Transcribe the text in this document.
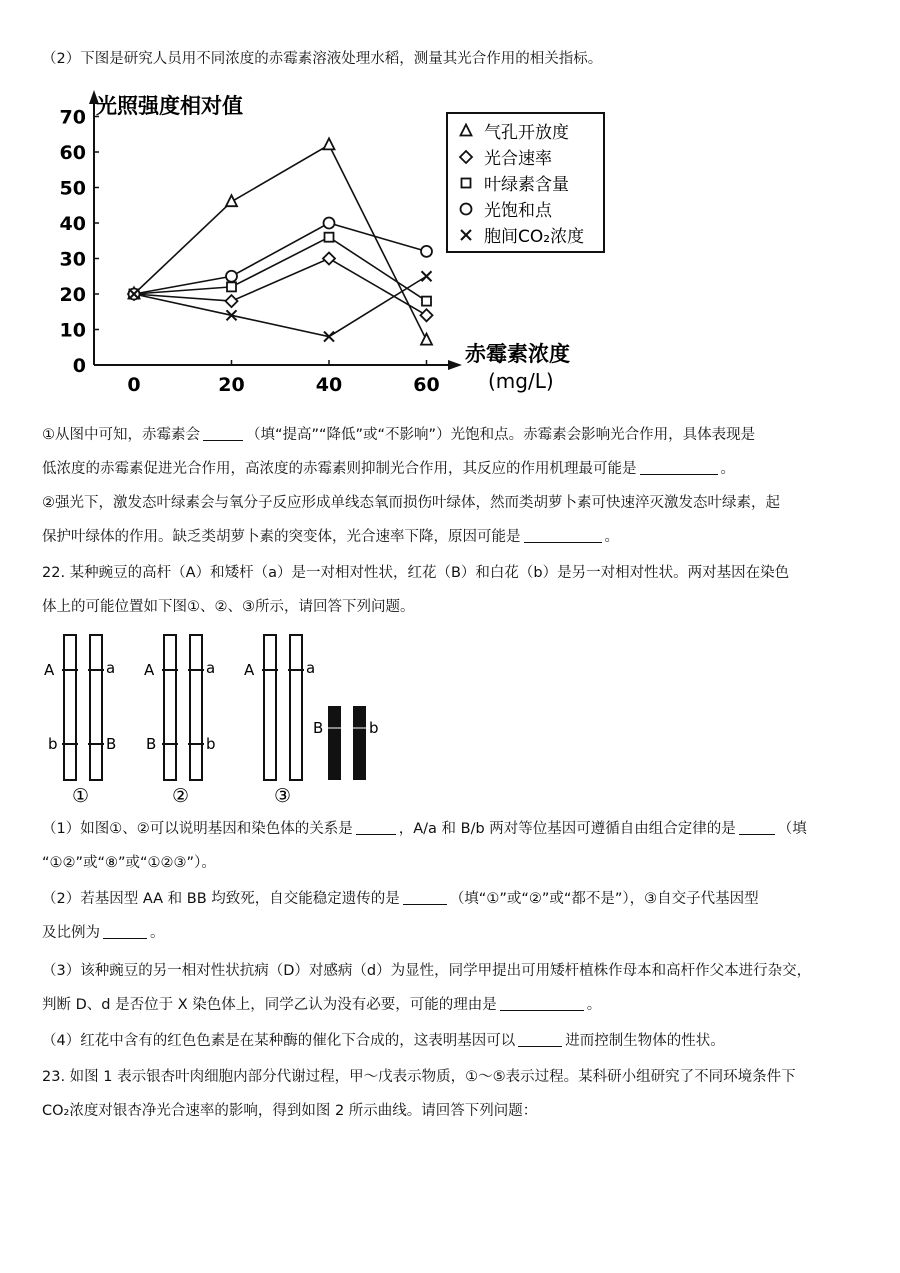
（2）下图是研究人员用不同浓度的赤霉素溶液处理水稻，测量其光合作用的相关指标。

光照强度相对值
赤霉素浓度
(mg/L)
0
10
20
30
40
50
60
70
0	20	40	60
气孔开放度
光合速率
叶绿素含量
光饱和点
胞间CO₂浓度

①从图中可知，赤霉素会	（填“提高”“降低”或“不影响”）光饱和点。赤霉素会影响光合作用，具体表现是

低浓度的赤霉素促进光合作用，高浓度的赤霉素则抑制光合作用，其反应的作用机理最可能是	。

②强光下，激发态叶绿素会与氧分子反应形成单线态氧而损伤叶绿体，然而类胡萝卜素可快速淬灭激发态叶绿素，起

保护叶绿体的作用。缺乏类胡萝卜素的突变体，光合速率下降，原因可能是	。

22. 某种豌豆的高杆（A）和矮杆（a）是一对相对性状，红花（B）和白花（b）是另一对相对性状。两对基因在染色

体上的可能位置如下图①、②、③所示，请回答下列问题。

A	a
b	B
①
A	a
B	b
②
A	a
B	b
③

（1）如图①、②可以说明基因和染色体的关系是	，A/a 和 B/b 两对等位基因可遵循自由组合定律的是	（填

“①②”或“⑧”或“①②③”）。

（2）若基因型 AA 和 BB 均致死，自交能稳定遗传的是	（填“①”或“②”或“都不是”），③自交子代基因型

及比例为	。

（3）该种豌豆的另一相对性状抗病（D）对感病（d）为显性，同学甲提出可用矮杆植株作母本和高杆作父本进行杂交，

判断 D、d 是否位于 X 染色体上，同学乙认为没有必要，可能的理由是	。

（4）红花中含有的红色色素是在某种酶的催化下合成的，这表明基因可以	进而控制生物体的性状。

23. 如图 1 表示银杏叶肉细胞内部分代谢过程，甲～戊表示物质，①～⑤表示过程。某科研小组研究了不同环境条件下

CO₂浓度对银杏净光合速率的影响，得到如图 2 所示曲线。请回答下列问题：
